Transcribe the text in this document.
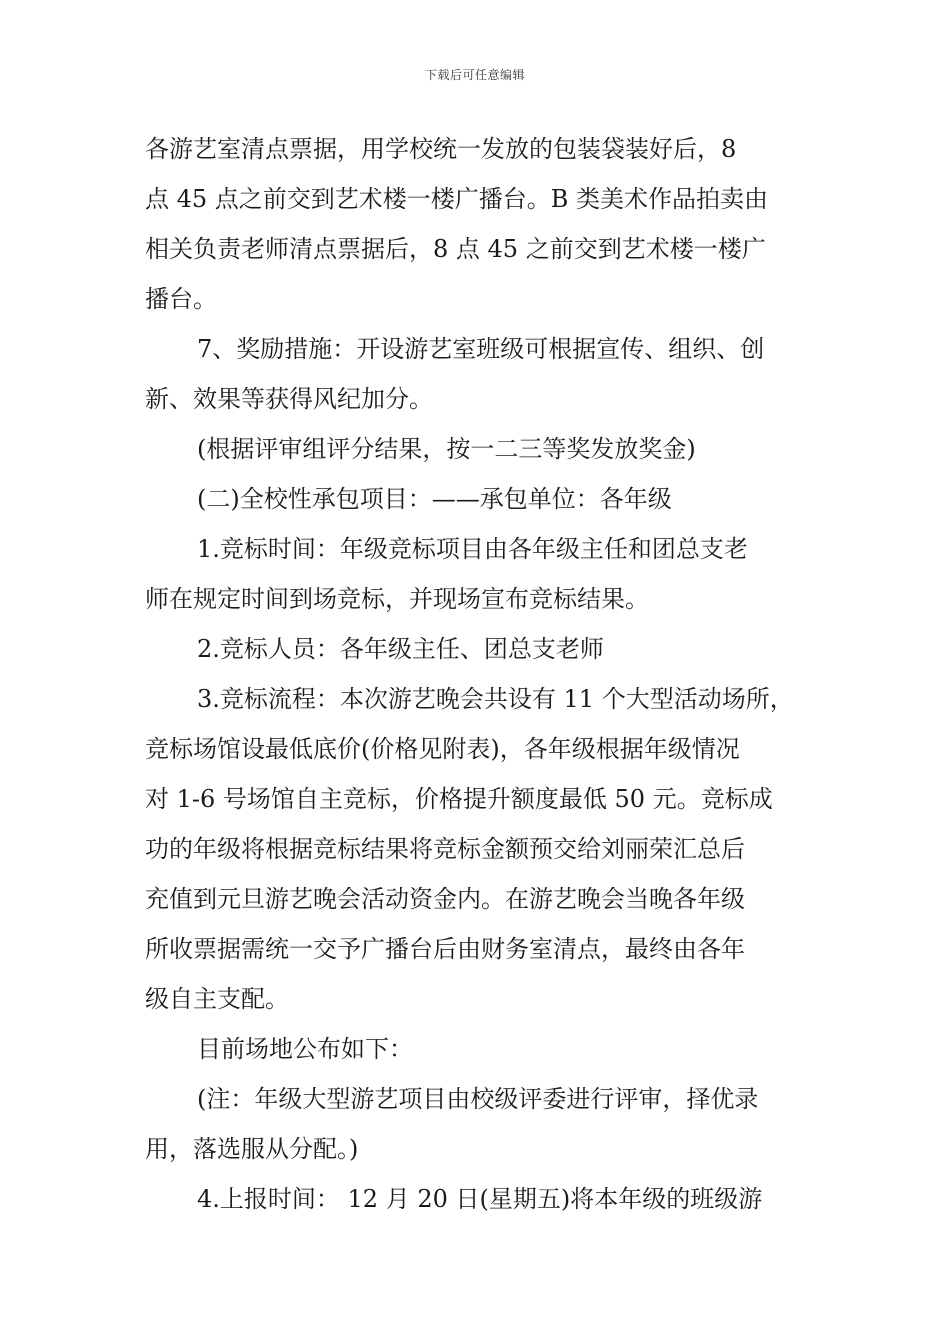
下载后可任意编辑
各游艺室清点票据，用学校统一发放的包装袋装好后，8
点 45 点之前交到艺术楼一楼广播台。B 类美术作品拍卖由
相关负责老师清点票据后，8 点 45 之前交到艺术楼一楼广
播台。
7、奖励措施：开设游艺室班级可根据宣传、组织、创
新、效果等获得风纪加分。
(根据评审组评分结果，按一二三等奖发放奖金)
(二)全校性承包项目：——承包单位：各年级
1.竞标时间：年级竞标项目由各年级主任和团总支老
师在规定时间到场竞标，并现场宣布竞标结果。
2.竞标人员：各年级主任、团总支老师
3.竞标流程：本次游艺晚会共设有 11 个大型活动场所，
竞标场馆设最低底价(价格见附表)，各年级根据年级情况
对 1-6 号场馆自主竞标，价格提升额度最低 50 元。竞标成
功的年级将根据竞标结果将竞标金额预交给刘丽荣汇总后
充值到元旦游艺晚会活动资金内。在游艺晚会当晚各年级
所收票据需统一交予广播台后由财务室清点，最终由各年
级自主支配。
目前场地公布如下：
(注：年级大型游艺项目由校级评委进行评审，择优录
用，落选服从分配。)
4.上报时间： 12 月 20 日(星期五)将本年级的班级游
